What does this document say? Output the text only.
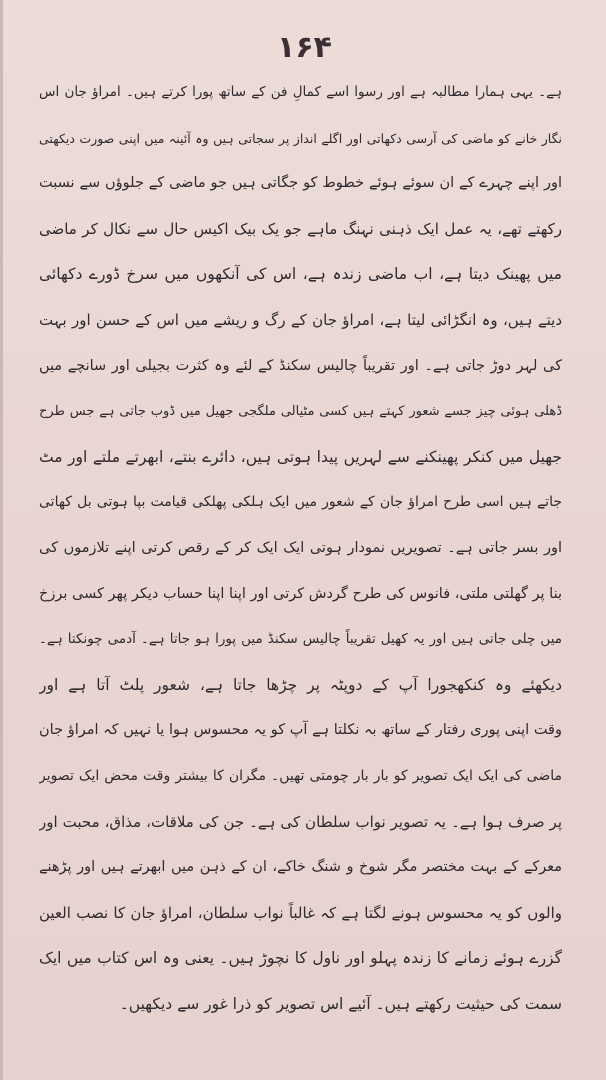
۱۶۴
ہے۔ یہی ہمارا مطالبہ ہے اور رسوا اسے کمالِ فن کے ساتھ پورا کرتے ہیں۔ امراؤ جان اس
نگار خانے کو ماضی کی آرسی دکھاتی اور اگلے انداز پر سجاتی ہیں وہ آئینہ میں اپنی صورت دیکھتی
اور اپنے چہرے کے ان سوئے ہوئے خطوط کو جگاتی ہیں جو ماضی کے جلوؤں سے نسبت
رکھتے تھے، یہ عمل ایک ذہنی نہنگ ماہے جو یک بیک اکیس حال سے نکال کر ماضی
میں پھینک دیتا ہے، اب ماضی زندہ ہے، اس کی آنکھوں میں سرخ ڈورے دکھائی
دیتے ہیں، وہ انگڑائی لیتا ہے، امراؤ جان کے رگ و ریشے میں اس کے حسن اور بہت
کی لہر دوڑ جاتی ہے۔ اور تقریباً چالیس سکنڈ کے لئے وہ کثرت بجیلی اور سانچے میں
ڈھلی ہوئی چیز جسے شعور کہتے ہیں کسی مٹیالی ملگجی جھیل میں ڈوب جاتی ہے جس طرح
جھیل میں کنکر پھینکنے سے لہریں پیدا ہوتی ہیں، دائرے بنتے، ابھرتے ملتے اور مٹ
جاتے ہیں اسی طرح امراؤ جان کے شعور میں ایک ہلکی پھلکی قیامت بپا ہوتی بل کھاتی
اور بسر جاتی ہے۔ تصویریں نمودار ہوتی ایک ایک کر کے رقص کرتی اپنے تلازموں کی
بنا پر گھلتی ملتی، فانوس کی طرح گردش کرتی اور اپنا اپنا حساب دیکر پھر کسی برزخ
میں چلی جاتی ہیں اور یہ کھیل تقریباً چالیس سکنڈ میں پورا ہو جاتا ہے۔ آدمی چونکتا ہے۔
دیکھئے وہ کنکھجورا آپ کے دوپٹہ پر چڑھا جاتا ہے، شعور پلٹ آتا ہے اور
وقت اپنی پوری رفتار کے ساتھ بہ نکلتا ہے آپ کو یہ محسوس ہوا یا نہیں کہ امراؤ جان
ماضی کی ایک ایک تصویر کو بار بار چومتی تھیں۔ مگران کا بیشتر وقت محض ایک تصویر
پر صرف ہوا ہے۔ یہ تصویر نواب سلطان کی ہے۔ جن کی ملاقات، مذاق، محبت اور
معرکے کے بہت مختصر مگر شوخ و شنگ خاکے، ان کے ذہن میں ابھرتے ہیں اور پڑھنے
والوں کو یہ محسوس ہونے لگتا ہے کہ غالباً نواب سلطان، امراؤ جان کا نصب العین
گزرے ہوئے زمانے کا زندہ پہلو اور ناول کا نچوڑ ہیں۔ یعنی وہ اس کتاب میں ایک
سمت کی حیثیت رکھتے ہیں۔ آئیے اس تصویر کو ذرا غور سے دیکھیں۔
